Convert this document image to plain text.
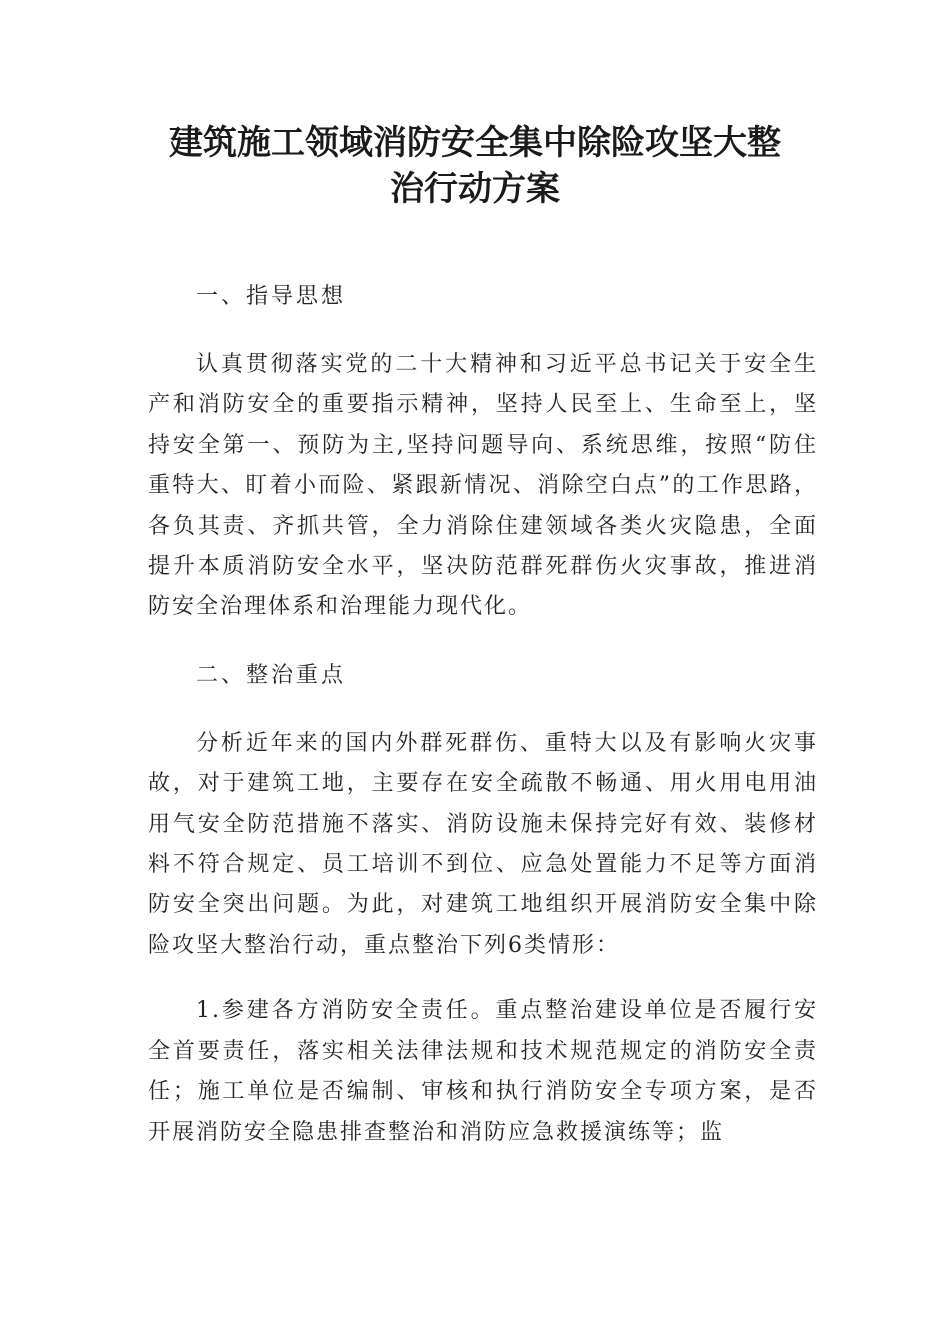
建筑施工领域消防安全集中除险攻坚大整
治行动方案

一、指导思想

认真贯彻落实党的二十大精神和习近平总书记关于安全生产和消防安全的重要指示精神，坚持人民至上、生命至上，坚持安全第一、预防为主,坚持问题导向、系统思维，按照“防住重特大、盯着小而险、紧跟新情况、消除空白点”的工作思路，各负其责、齐抓共管，全力消除住建领域各类火灾隐患，全面提升本质消防安全水平，坚决防范群死群伤火灾事故，推进消防安全治理体系和治理能力现代化。

二、整治重点

分析近年来的国内外群死群伤、重特大以及有影响火灾事故，对于建筑工地，主要存在安全疏散不畅通、用火用电用油用气安全防范措施不落实、消防设施未保持完好有效、装修材料不符合规定、员工培训不到位、应急处置能力不足等方面消防安全突出问题。为此，对建筑工地组织开展消防安全集中除险攻坚大整治行动，重点整治下列6类情形：

1.参建各方消防安全责任。重点整治建设单位是否履行安全首要责任，落实相关法律法规和技术规范规定的消防安全责任；施工单位是否编制、审核和执行消防安全专项方案，是否开展消防安全隐患排查整治和消防应急救援演练等；监
